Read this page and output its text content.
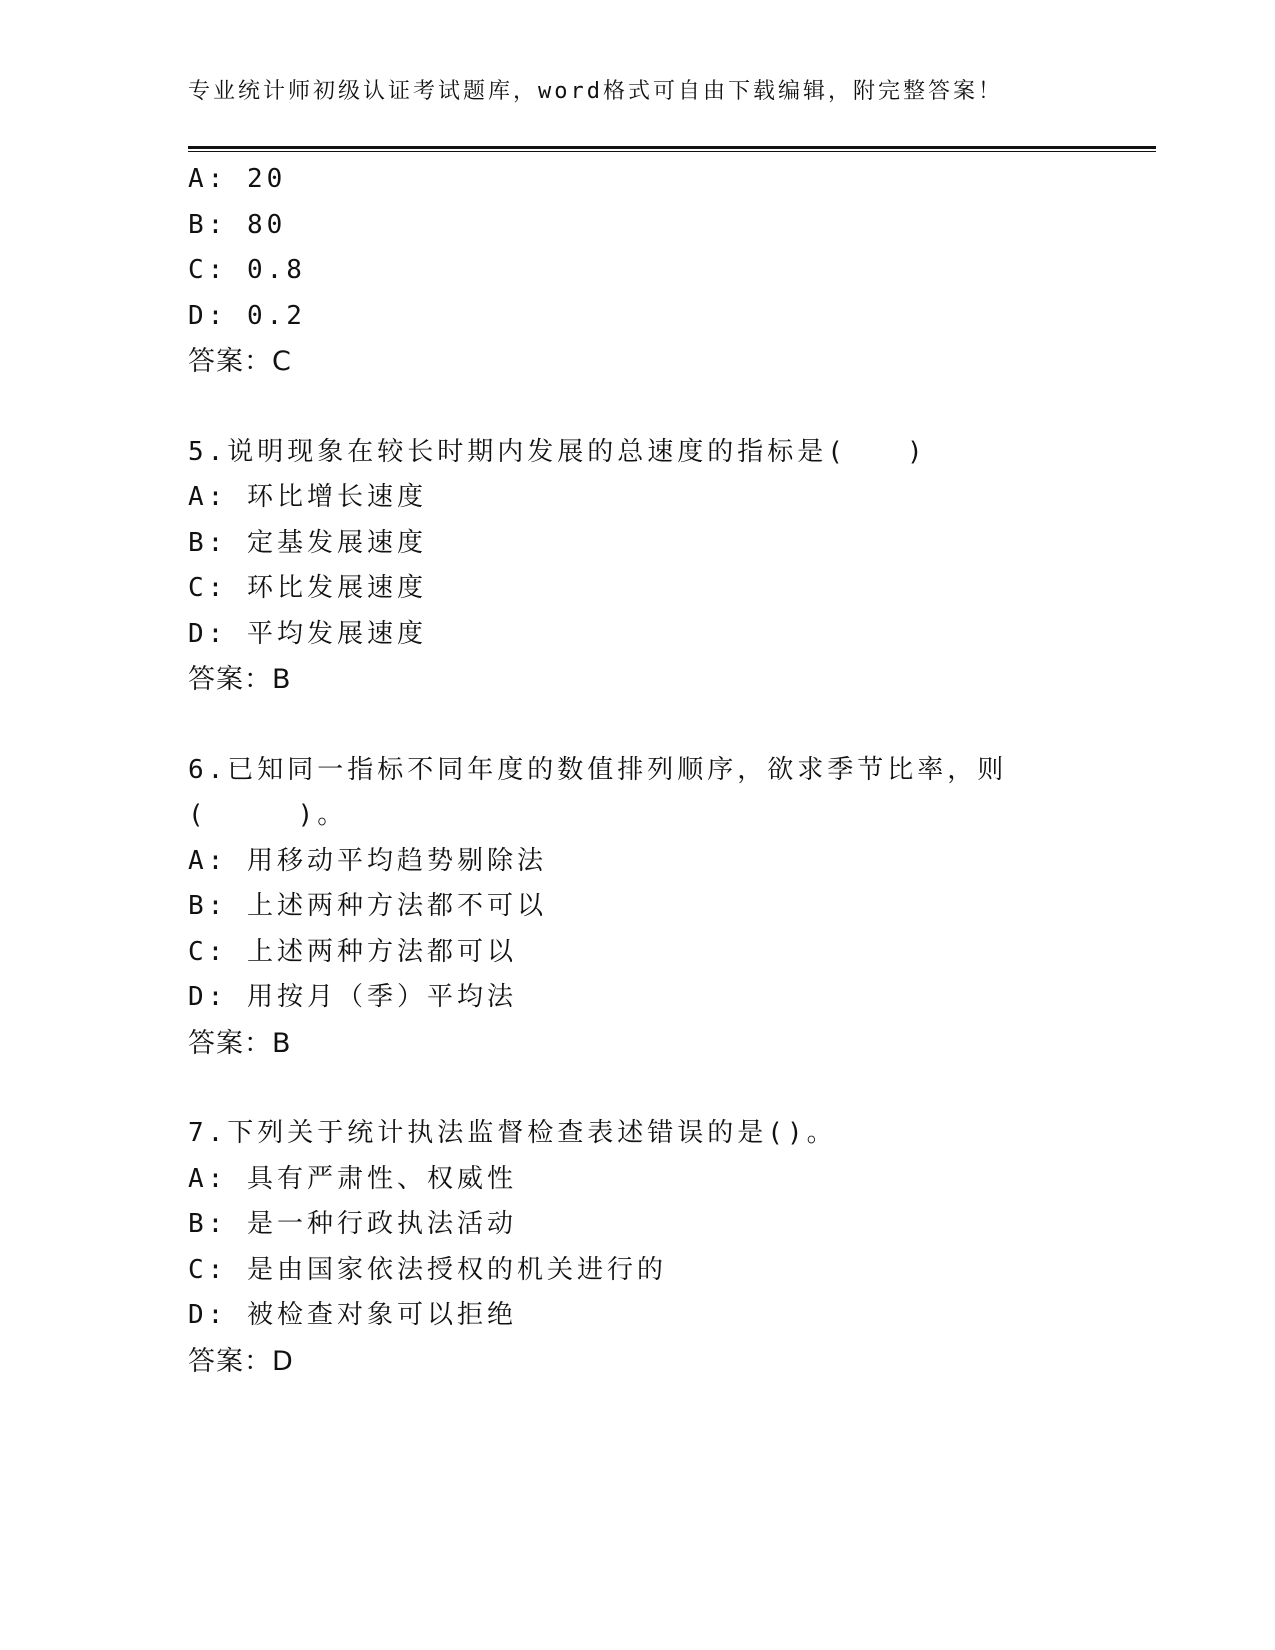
专业统计师初级认证考试题库，word格式可自由下载编辑，附完整答案！
A: 20
B: 80
C: 0.8
D: 0.2
答案：C
5.说明现象在较长时期内发展的总速度的指标是(　　)
A: 环比增长速度
B: 定基发展速度
C: 环比发展速度
D: 平均发展速度
答案：B
6.已知同一指标不同年度的数值排列顺序，欲求季节比率，则
(　　　)。
A: 用移动平均趋势剔除法
B: 上述两种方法都不可以
C: 上述两种方法都可以
D: 用按月（季）平均法
答案：B
7.下列关于统计执法监督检查表述错误的是()。
A: 具有严肃性、权威性
B: 是一种行政执法活动
C: 是由国家依法授权的机关进行的
D: 被检查对象可以拒绝
答案：D
